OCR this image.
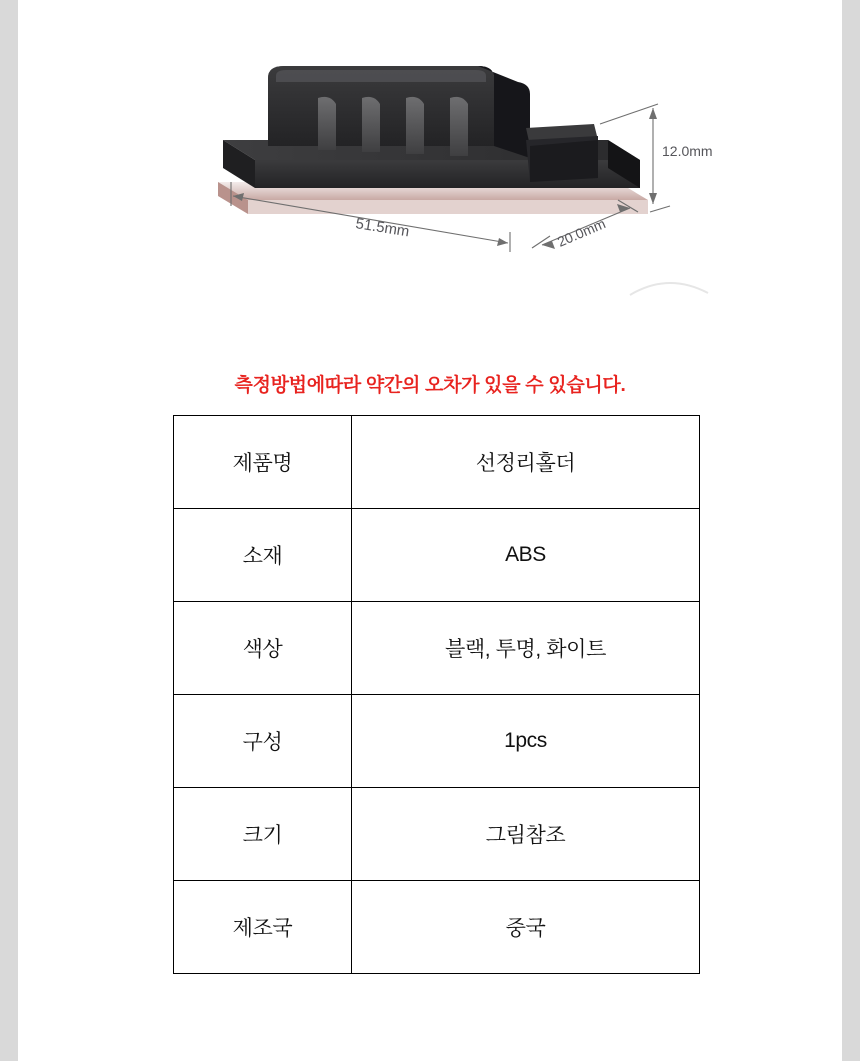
51.5mm	20.0mm
12.0mm
측정방법에따라 약간의 오차가 있을 수 있습니다.
제품명	선정리홀더
소재	ABS
색상	블랙, 투명, 화이트
구성	1pcs
크기	그림참조
제조국	중국
